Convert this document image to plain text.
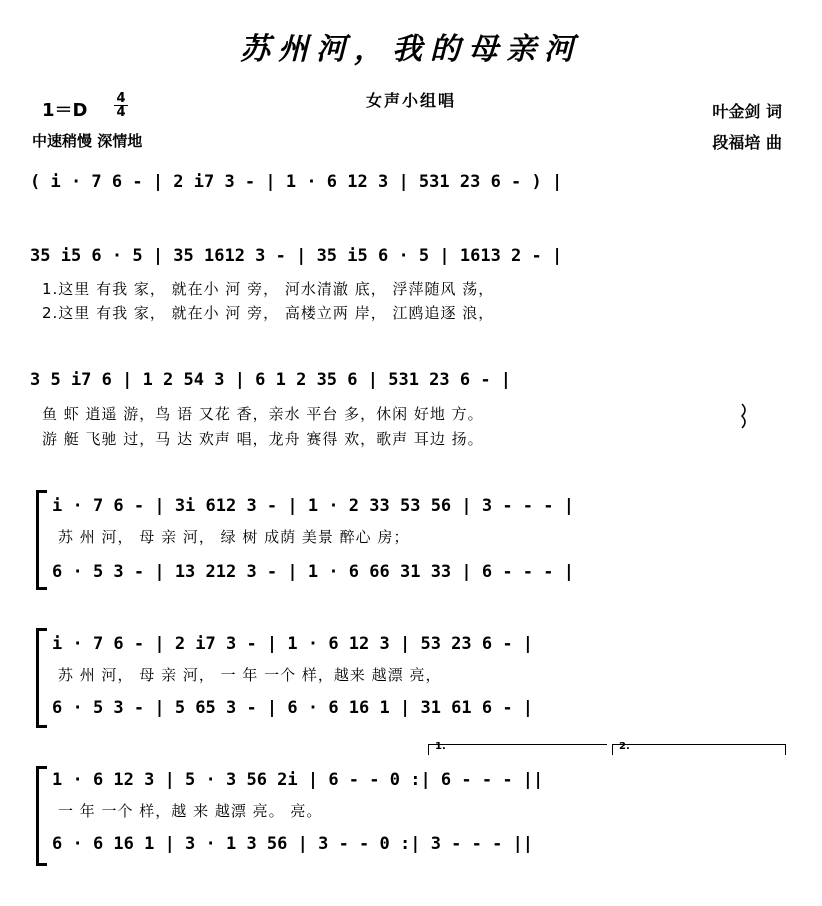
苏州河，我的母亲河
女声小组唱
1＝D
4
4
中速稍慢 深情地
叶金剑 词
段福培 曲
( i · 7 6 - | 2 i7 3 - | 1 · 6 12 3 | 531 23 6 - ) |
35 i5 6 · 5 | 35 1612 3 - | 35 i5 6 · 5 | 1613 2 - |
1.这里 有我 家， 就在小 河 旁， 河水清澈 底， 浮萍随风 荡，
2.这里 有我 家， 就在小 河 旁， 高楼立两 岸， 江鸥追逐 浪，
3 5 i7 6 | 1 2 54 3 | 6 1 2 35 6 | 531 23 6 - |
鱼 虾 逍遥 游，鸟 语 又花 香，亲水 平台 多，休闲 好地 方。
游 艇 飞驰 过，马 达 欢声 唱，龙舟 赛得 欢，歌声 耳边 扬。
i · 7 6 - | 3i 612 3 - | 1 · 2 33 53 56 | 3 - - - |
苏 州 河， 母 亲 河， 绿 树 成荫 美景 醉心 房；
6 · 5 3 - | 13 212 3 - | 1 · 6 66 31 33 | 6 - - - |
i · 7 6 - | 2 i7 3 - | 1 · 6 12 3 | 53 23 6 - |
苏 州 河， 母 亲 河， 一 年 一个 样，越来 越漂 亮，
6 · 5 3 - | 5 65 3 - | 6 · 6 16 1 | 31 61 6 - |
1 · 6 12 3 | 5 · 3 56 2i | 6 - - 0 :| 6 - - - ||
一 年 一个 样，越 来 越漂 亮。 亮。
6 · 6 16 1 | 3 · 1 3 56 | 3 - - 0 :| 3 - - - ||
1.	2.
